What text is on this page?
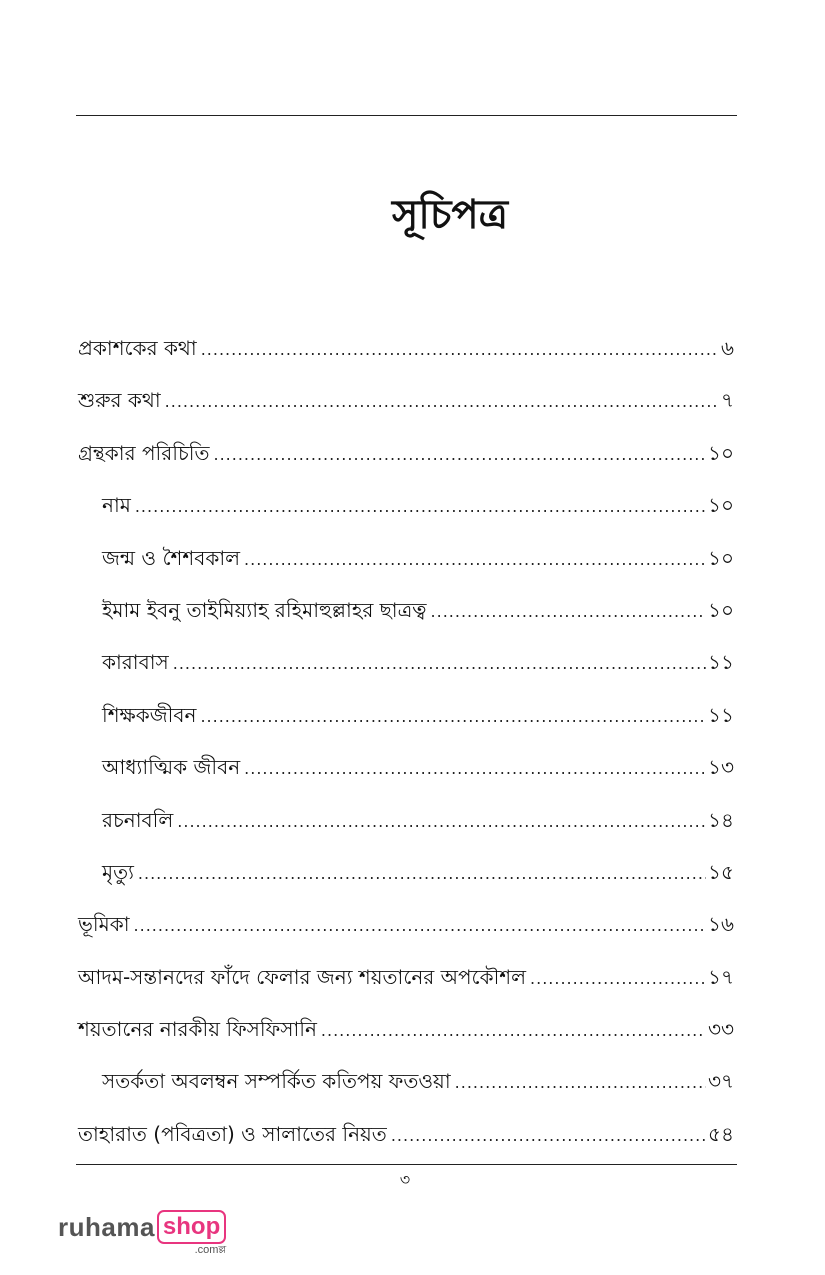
সূচিপত্র
প্রকাশকের কথা .....	৬
শুরুর কথা .....	৭
গ্রন্থকার পরিচিতি .....	১০
নাম .....	১০
জন্ম ও শৈশবকাল .....	১০
ইমাম ইবনু তাইমিয়্যাহ রহিমাহুল্লাহর ছাত্রত্ব .....	১০
কারাবাস .....	১১
শিক্ষকজীবন .....	১১
আধ্যাত্মিক জীবন .....	১৩
রচনাবলি .....	১৪
মৃত্যু .....	১৫
ভূমিকা .....	১৬
আদম-সন্তানদের ফাঁদে ফেলার জন্য শয়তানের অপকৌশল .....	১৭
শয়তানের নারকীয় ফিসফিসানি .....	৩৩
সতর্কতা অবলম্বন সম্পর্কিত কতিপয় ফতওয়া .....	৩৭
তাহারাত (পবিত্রতা) ও সালাতের নিয়ত .....	৫৪
৩
ruhama shop
.comল্ল
